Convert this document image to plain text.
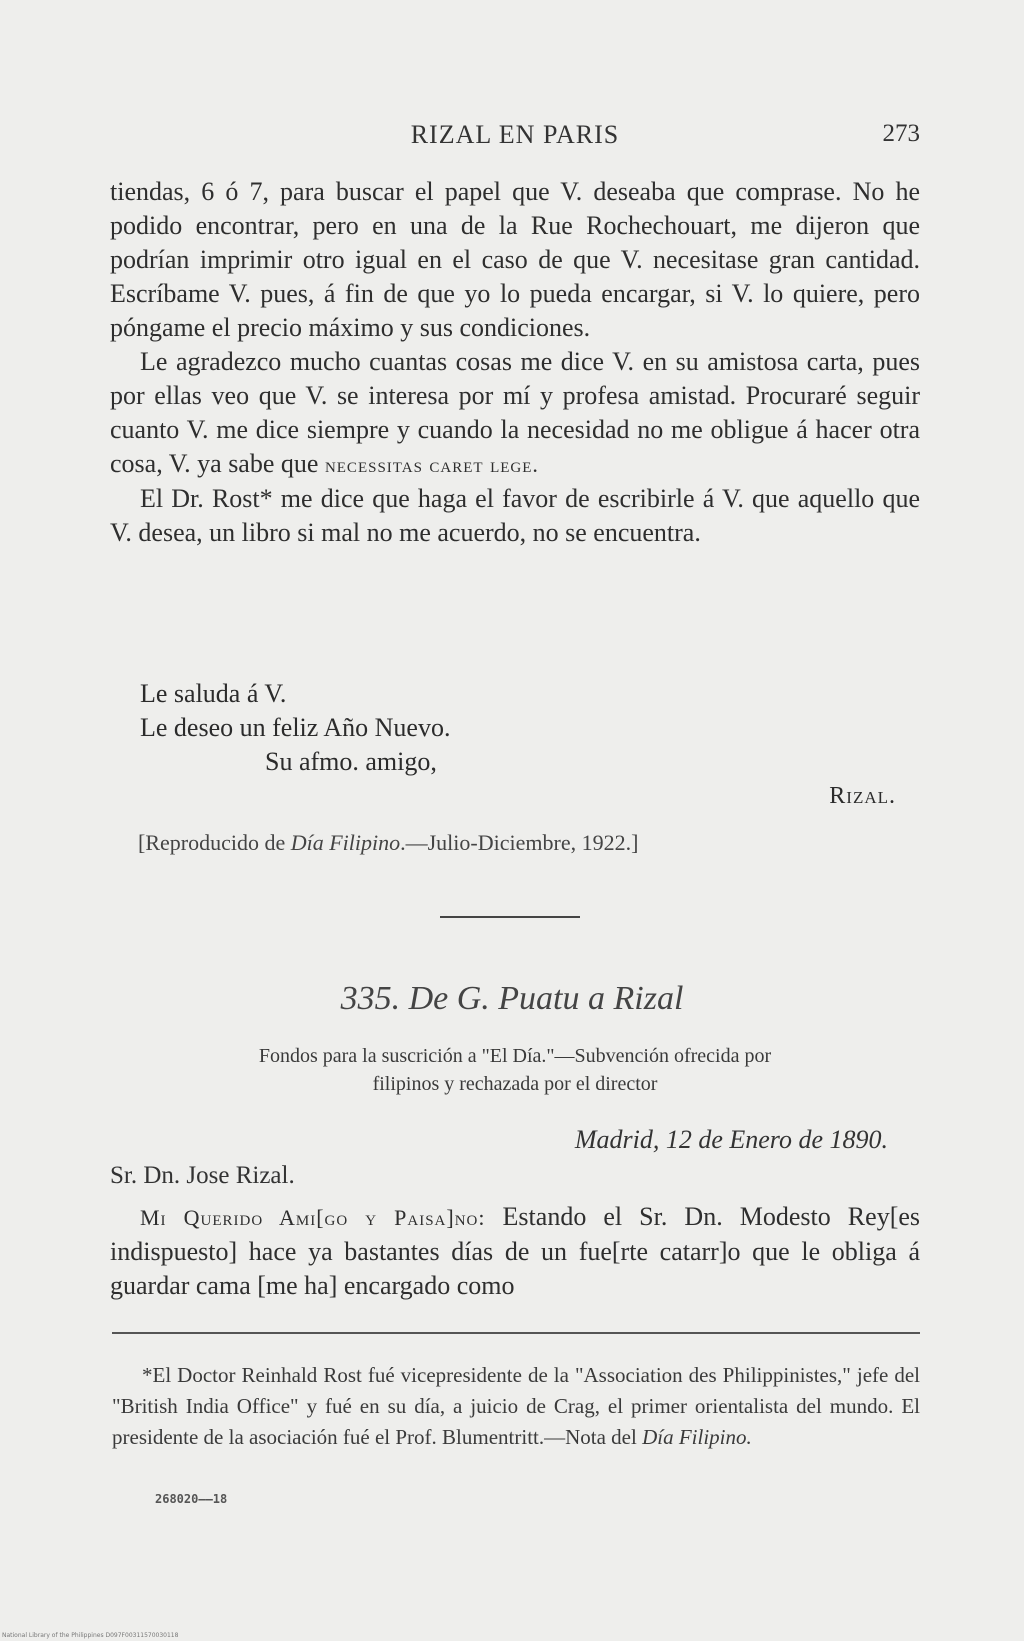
RIZAL EN PARIS	273

tiendas, 6 ó 7, para buscar el papel que V. deseaba que comprase. No he podido encontrar, pero en una de la Rue Rochechouart, me dijeron que podrían imprimir otro igual en el caso de que V. necesitase gran cantidad. Escríbame V. pues, á fin de que yo lo pueda encargar, si V. lo quiere, pero póngame el precio máximo y sus condiciones.

Le agradezco mucho cuantas cosas me dice V. en su amistosa carta, pues por ellas veo que V. se interesa por mí y profesa amistad. Procuraré seguir cuanto V. me dice siempre y cuando la necesidad no me obligue á hacer otra cosa, V. ya sabe que necessitas caret lege.

El Dr. Rost* me dice que haga el favor de escribirle á V. que aquello que V. desea, un libro si mal no me acuerdo, no se encuentra.

Le saluda á V.
Le deseo un feliz Año Nuevo.
Su afmo. amigo,
Rizal.
[Reproducido de Día Filipino.—Julio-Diciembre, 1922.]
335. De G. Puatu a Rizal
Fondos para la suscrición a "El Día."—Subvención ofrecida por
filipinos y rechazada por el director
Madrid, 12 de Enero de 1890.
Sr. Dn. Jose Rizal.

Mi Querido Ami[go y Paisa]no: Estando el Sr. Dn. Modesto Rey[es indispuesto] hace ya bastantes días de un fue[rte catarr]o que le obliga á guardar cama [me ha] encargado como

*El Doctor Reinhald Rost fué vicepresidente de la "Association des Philippinistes," jefe del "British India Office" y fué en su día, a juicio de Crag, el primer orientalista del mundo. El presidente de la asociación fué el Prof. Blumentritt.—Nota del Día Filipino.

268020——18
National Library of the Philippines D097F00311570030118
